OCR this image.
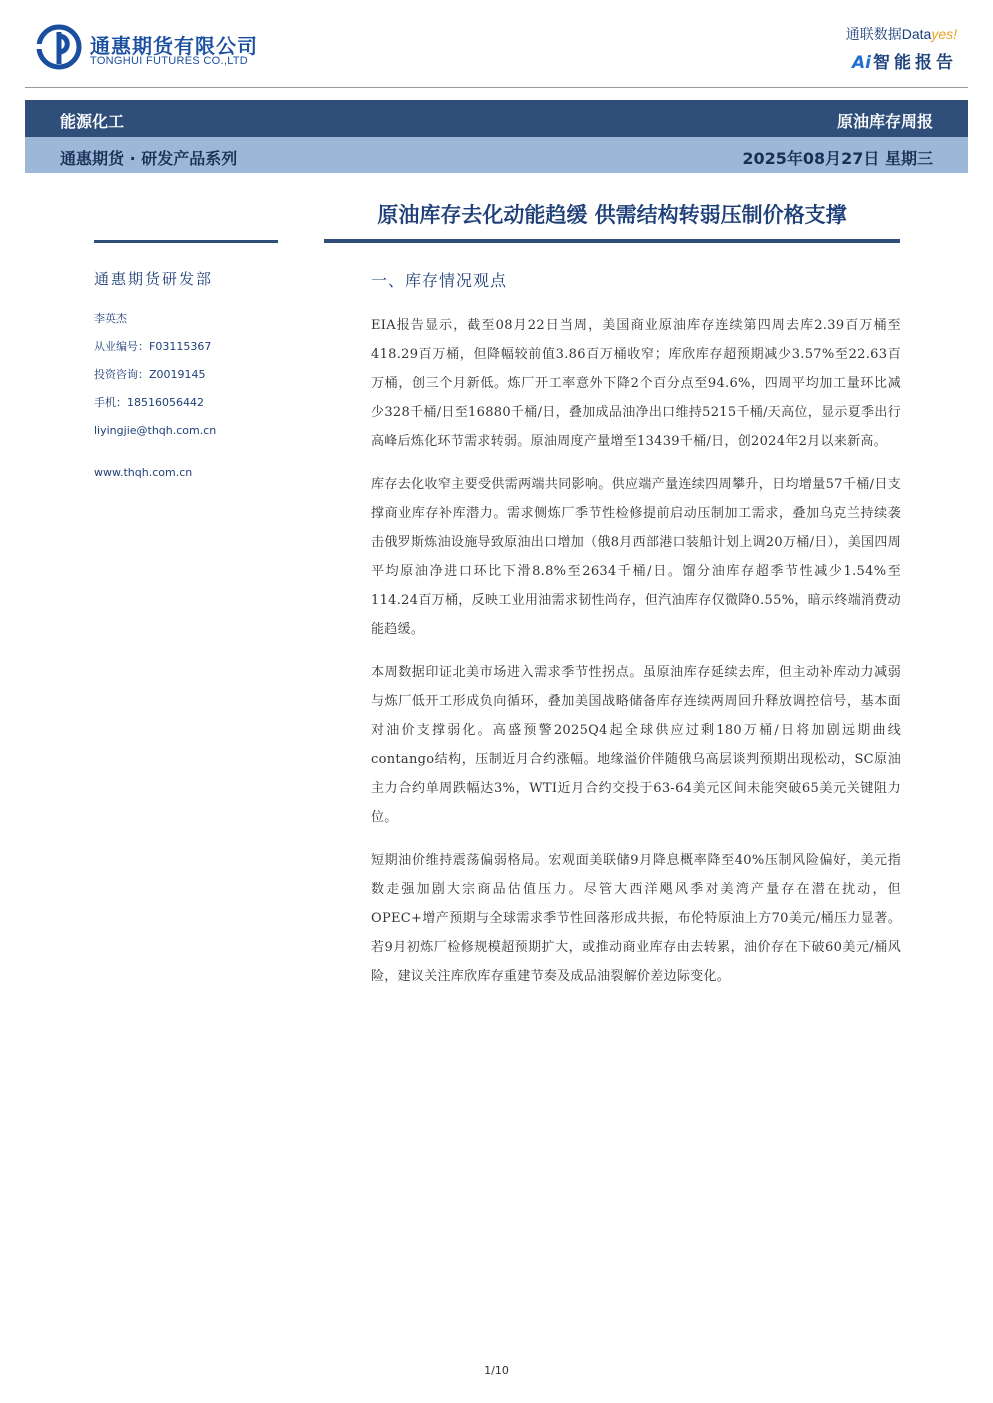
通惠期货有限公司
TONGHUI FUTURES CO.,LTD
通联数据Datayes!
Ai 智能报告
能源化工	原油库存周报
通惠期货 · 研发产品系列	2025年08月27日 星期三
原油库存去化动能趋缓 供需结构转弱压制价格支撑
通惠期货研发部
李英杰
从业编号：F03115367
投资咨询：Z0019145
手机：18516056442
liyingjie@thqh.com.cn
www.thqh.com.cn
一、库存情况观点

EIA报告显示，截至08月22日当周，美国商业原油库存连续第四周去库2.39百万桶至418.29百万桶，但降幅较前值3.86百万桶收窄；库欣库存超预期减少3.57%至22.63百万桶，创三个月新低。炼厂开工率意外下降2个百分点至94.6%，四周平均加工量环比减少328千桶/日至16880千桶/日，叠加成品油净出口维持5215千桶/天高位，显示夏季出行高峰后炼化环节需求转弱。原油周度产量增至13439千桶/日，创2024年2月以来新高。

库存去化收窄主要受供需两端共同影响。供应端产量连续四周攀升，日均增量57千桶/日支撑商业库存补库潜力。需求侧炼厂季节性检修提前启动压制加工需求，叠加乌克兰持续袭击俄罗斯炼油设施导致原油出口增加（俄8月西部港口装船计划上调20万桶/日），美国四周平均原油净进口环比下滑8.8%至2634千桶/日。馏分油库存超季节性减少1.54%至114.24百万桶，反映工业用油需求韧性尚存，但汽油库存仅微降0.55%，暗示终端消费动能趋缓。

本周数据印证北美市场进入需求季节性拐点。虽原油库存延续去库，但主动补库动力减弱与炼厂低开工形成负向循环，叠加美国战略储备库存连续两周回升释放调控信号，基本面对油价支撑弱化。高盛预警2025Q4起全球供应过剩180万桶/日将加剧远期曲线contango结构，压制近月合约涨幅。地缘溢价伴随俄乌高层谈判预期出现松动，SC原油主力合约单周跌幅达3%，WTI近月合约交投于63-64美元区间未能突破65美元关键阻力位。

短期油价维持震荡偏弱格局。宏观面美联储9月降息概率降至40%压制风险偏好，美元指数走强加剧大宗商品估值压力。尽管大西洋飓风季对美湾产量存在潜在扰动，但OPEC+增产预期与全球需求季节性回落形成共振，布伦特原油上方70美元/桶压力显著。若9月初炼厂检修规模超预期扩大，或推动商业库存由去转累，油价存在下破60美元/桶风险，建议关注库欣库存重建节奏及成品油裂解价差边际变化。

1/10
